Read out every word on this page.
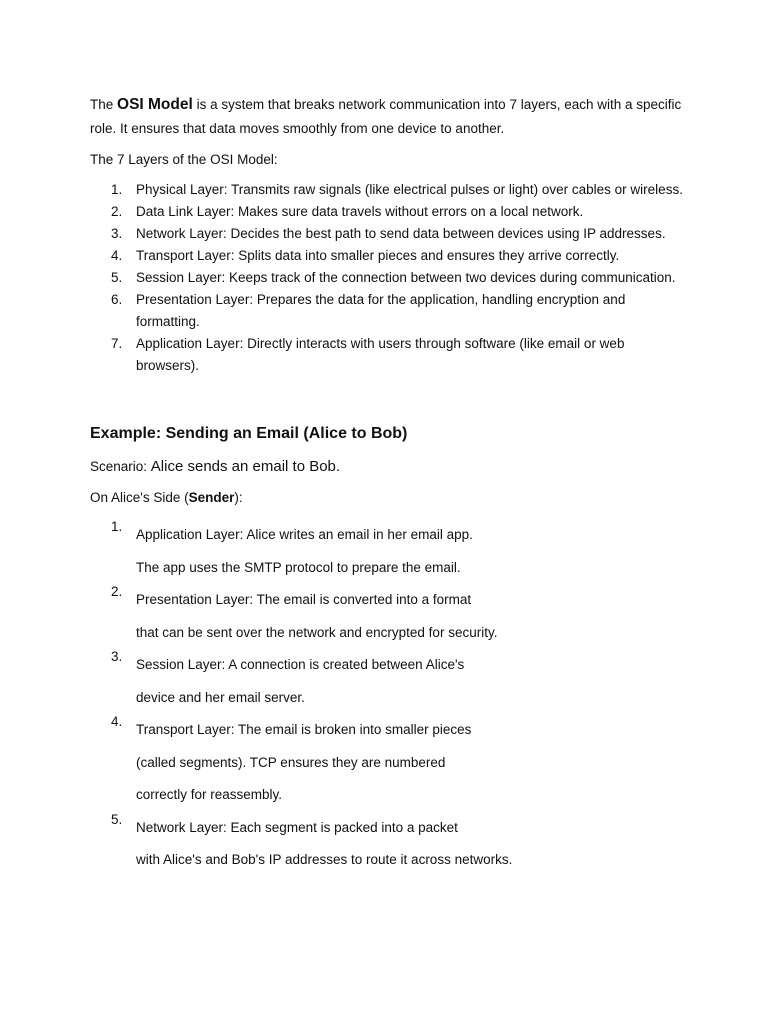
The OSI Model is a system that breaks network communication into 7 layers, each with a specific role. It ensures that data moves smoothly from one device to another.

The 7 Layers of the OSI Model:

1. Physical Layer: Transmits raw signals (like electrical pulses or light) over cables or wireless.
2. Data Link Layer: Makes sure data travels without errors on a local network.
3. Network Layer: Decides the best path to send data between devices using IP addresses.
4. Transport Layer: Splits data into smaller pieces and ensures they arrive correctly.
5. Session Layer: Keeps track of the connection between two devices during communication.
6. Presentation Layer: Prepares the data for the application, handling encryption and formatting.
7. Application Layer: Directly interacts with users through software (like email or web browsers).
Example: Sending an Email (Alice to Bob)

Scenario: Alice sends an email to Bob.

On Alice's Side (Sender):

1.
Application Layer: Alice writes an email in her email app.
The app uses the SMTP protocol to prepare the email.
2.
Presentation Layer: The email is converted into a format
that can be sent over the network and encrypted for security.
3.
Session Layer: A connection is created between Alice's
device and her email server.
4.
Transport Layer: The email is broken into smaller pieces
(called segments). TCP ensures they are numbered
correctly for reassembly.
5.
Network Layer: Each segment is packed into a packet
with Alice's and Bob's IP addresses to route it across networks.
